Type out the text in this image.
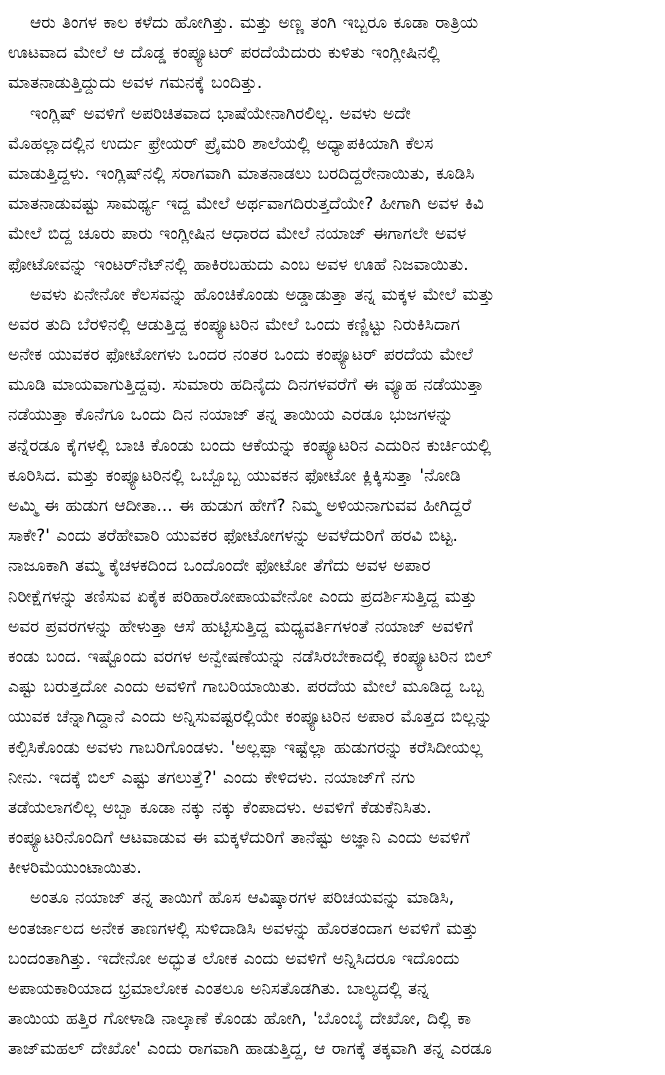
ಆರು ತಿಂಗಳ ಕಾಲ ಕಳೆದು ಹೋಗಿತ್ತು. ಮತ್ತು ಅಣ್ಣ ತಂಗಿ ಇಬ್ಬರೂ ಕೂಡಾ ರಾತ್ರಿಯ
ಊಟವಾದ ಮೇಲೆ ಆ ದೊಡ್ಡ ಕಂಪ್ಯೂಟರ್ ಪರದೆಯೆದುರು ಕುಳಿತು ಇಂಗ್ಲೀಷಿನಲ್ಲಿ
ಮಾತನಾಡುತ್ತಿದ್ದುದು ಅವಳ ಗಮನಕ್ಕೆ ಬಂದಿತ್ತು.
ಇಂಗ್ಲಿಷ್ ಅವಳಿಗೆ ಅಪರಿಚಿತವಾದ ಭಾಷೆಯೇನಾಗಿರಲಿಲ್ಲ. ಅವಳು ಅದೇ
ಮೊಹಲ್ಲಾದಲ್ಲಿನ ಉರ್ದು ಫ್ರೇಯರ್ ಪ್ರೈಮರಿ ಶಾಲೆಯಲ್ಲಿ ಅಧ್ಯಾಪಕಿಯಾಗಿ ಕೆಲಸ
ಮಾಡುತ್ತಿದ್ದಳು. ಇಂಗ್ಲಿಷ್‌ನಲ್ಲಿ ಸರಾಗವಾಗಿ ಮಾತನಾಡಲು ಬರದಿದ್ದರೇನಾಯಿತು, ಕೂಡಿಸಿ
ಮಾತನಾಡುವಷ್ಟು ಸಾಮರ್ಥ್ಯ ಇದ್ದ ಮೇಲೆ ಅರ್ಥವಾಗದಿರುತ್ತದೆಯೇ? ಹೀಗಾಗಿ ಅವಳ ಕಿವಿ
ಮೇಲೆ ಬಿದ್ದ ಚೂರು ಪಾರು ಇಂಗ್ಲೀಷಿನ ಆಧಾರದ ಮೇಲೆ ನಯಾಜ್ ಈಗಾಗಲೇ ಅವಳ
ಫೋಟೋವನ್ನು ಇಂಟರ್‌ನೆಟ್‌ನಲ್ಲಿ ಹಾಕಿರಬಹುದು ಎಂಬ ಅವಳ ಊಹೆ ನಿಜವಾಯಿತು.
ಅವಳು ಏನೇನೋ ಕೆಲಸವನ್ನು ಹೊಂಚಿಕೊಂಡು ಅಡ್ಡಾಡುತ್ತಾ ತನ್ನ ಮಕ್ಕಳ ಮೇಲೆ ಮತ್ತು
ಅವರ ತುದಿ ಬೆರಳಿನಲ್ಲಿ ಆಡುತ್ತಿದ್ದ ಕಂಪ್ಯೂಟರಿನ ಮೇಲೆ ಒಂದು ಕಣ್ಣಿಟ್ಟು ನಿರುಕಿಸಿದಾಗ
ಅನೇಕ ಯುವಕರ ಫೋಟೋಗಳು ಒಂದರ ನಂತರ ಒಂದು ಕಂಪ್ಯೂಟರ್ ಪರದೆಯ ಮೇಲೆ
ಮೂಡಿ ಮಾಯವಾಗುತ್ತಿದ್ದವು. ಸುಮಾರು ಹದಿನೈದು ದಿನಗಳವರೆಗೆ ಈ ವ್ಯೂಹ ನಡೆಯುತ್ತಾ
ನಡೆಯುತ್ತಾ ಕೊನೆಗೂ ಒಂದು ದಿನ ನಯಾಜ್ ತನ್ನ ತಾಯಿಯ ಎರಡೂ ಭುಜಗಳನ್ನು
ತನ್ನೆರಡೂ ಕೈಗಳಲ್ಲಿ ಬಾಚಿ ಕೊಂಡು ಬಂದು ಆಕೆಯನ್ನು ಕಂಪ್ಯೂಟರಿನ ಎದುರಿನ ಕುರ್ಚಿಯಲ್ಲಿ
ಕೂರಿಸಿದ. ಮತ್ತು ಕಂಪ್ಯೂಟರಿನಲ್ಲಿ ಒಬ್ಬೊಬ್ಬ ಯುವಕನ ಫೋಟೋ ಕ್ಲಿಕ್ಕಿಸುತ್ತಾ 'ನೋಡಿ
ಅಮ್ಮಿ ಈ ಹುಡುಗ ಆದೀತಾ... ಈ ಹುಡುಗ ಹೇಗೆ? ನಿಮ್ಮ ಅಳಿಯನಾಗುವವ ಹೀಗಿದ್ದರೆ
ಸಾಕೇ?' ಎಂದು ತರೆಹೇವಾರಿ ಯುವಕರ ಫೋಟೋಗಳನ್ನು ಅವಳೆದುರಿಗೆ ಹರವಿ ಬಿಟ್ಟ.
ನಾಜೂಕಾಗಿ ತಮ್ಮ ಕೈಚಳಕದಿಂದ ಒಂದೊಂದೇ ಫೋಟೋ ತೆಗೆದು ಅವಳ ಅಪಾರ
ನಿರೀಕ್ಷೆಗಳನ್ನು ತಣಿಸುವ ಏಕೈಕ ಪರಿಹಾರೋಪಾಯವೇನೋ ಎಂದು ಪ್ರದರ್ಶಿಸುತ್ತಿದ್ದ ಮತ್ತು
ಅವರ ಪ್ರವರಗಳನ್ನು ಹೇಳುತ್ತಾ ಆಸೆ ಹುಟ್ಟಿಸುತ್ತಿದ್ದ ಮಧ್ಯವರ್ತಿಗಳಂತೆ ನಯಾಜ್ ಅವಳಿಗೆ
ಕಂಡು ಬಂದ. ಇಷ್ಟೊಂದು ವರಗಳ ಅನ್ವೇಷಣೆಯನ್ನು ನಡೆಸಿರಬೇಕಾದಲ್ಲಿ ಕಂಪ್ಯೂಟರಿನ ಬಿಲ್
ಎಷ್ಟು ಬರುತ್ತದೋ ಎಂದು ಅವಳಿಗೆ ಗಾಬರಿಯಾಯಿತು. ಪರದೆಯ ಮೇಲೆ ಮೂಡಿದ್ದ ಒಬ್ಬ
ಯುವಕ ಚೆನ್ನಾಗಿದ್ದಾನೆ ಎಂದು ಅನ್ನಿಸುವಷ್ಟರಲ್ಲಿಯೇ ಕಂಪ್ಯೂಟರಿನ ಅಪಾರ ಮೊತ್ತದ ಬಿಲ್ಲನ್ನು
ಕಲ್ಪಿಸಿಕೊಂಡು ಅವಳು ಗಾಬರಿಗೊಂಡಳು. 'ಅಲ್ಲಪ್ಪಾ ಇಷ್ಟೆಲ್ಲಾ ಹುಡುಗರನ್ನು ಕರೆಸಿದೀಯಲ್ಲ
ನೀನು. ಇದಕ್ಕೆ ಬಿಲ್ ಎಷ್ಟು ತಗಲುತ್ತೆ?' ಎಂದು ಕೇಳಿದಳು. ನಯಾಜ್‌ಗೆ ನಗು
ತಡೆಯಲಾಗಲಿಲ್ಲ ಅಬ್ಬಾ ಕೂಡಾ ನಕ್ಕು ನಕ್ಕು ಕೆಂಪಾದಳು. ಅವಳಿಗೆ ಕೆಡುಕೆನಿಸಿತು.
ಕಂಪ್ಯೂಟರಿನೊಂದಿಗೆ ಆಟವಾಡುವ ಈ ಮಕ್ಕಳೆದುರಿಗೆ ತಾನೆಷ್ಟು ಅಜ್ಞಾನಿ ಎಂದು ಅವಳಿಗೆ
ಕೀಳರಿಮೆಯುಂಟಾಯಿತು.
ಅಂತೂ ನಯಾಜ್ ತನ್ನ ತಾಯಿಗೆ ಹೊಸ ಆವಿಷ್ಕಾರಗಳ ಪರಿಚಯವನ್ನು ಮಾಡಿಸಿ,
ಅಂತರ್ಜಾಲದ ಅನೇಕ ತಾಣಗಳಲ್ಲಿ ಸುಳಿದಾಡಿಸಿ ಅವಳನ್ನು ಹೊರತಂದಾಗ ಅವಳಿಗೆ ಮತ್ತು
ಬಂದಂತಾಗಿತ್ತು. ಇದೇನೋ ಅದ್ಭುತ ಲೋಕ ಎಂದು ಅವಳಿಗೆ ಅನ್ನಿಸಿದರೂ ಇದೊಂದು
ಅಪಾಯಕಾರಿಯಾದ ಭ್ರಮಾಲೋಕ ಎಂತಲೂ ಅನಿಸತೊಡಗಿತು. ಬಾಲ್ಯದಲ್ಲಿ ತನ್ನ
ತಾಯಿಯ ಹತ್ತಿರ ಗೋಳಾಡಿ ನಾಲ್ಕಾಣೆ ಕೊಂಡು ಹೋಗಿ, 'ಬೊಂಬೈ ದೇಖೋ, ದಿಲ್ಲಿ ಕಾ
ತಾಜ್‌ಮಹಲ್ ದೇಖೋ' ಎಂದು ರಾಗವಾಗಿ ಹಾಡುತ್ತಿದ್ದ, ಆ ರಾಗಕ್ಕೆ ತಕ್ಕವಾಗಿ ತನ್ನ ಎರಡೂ
